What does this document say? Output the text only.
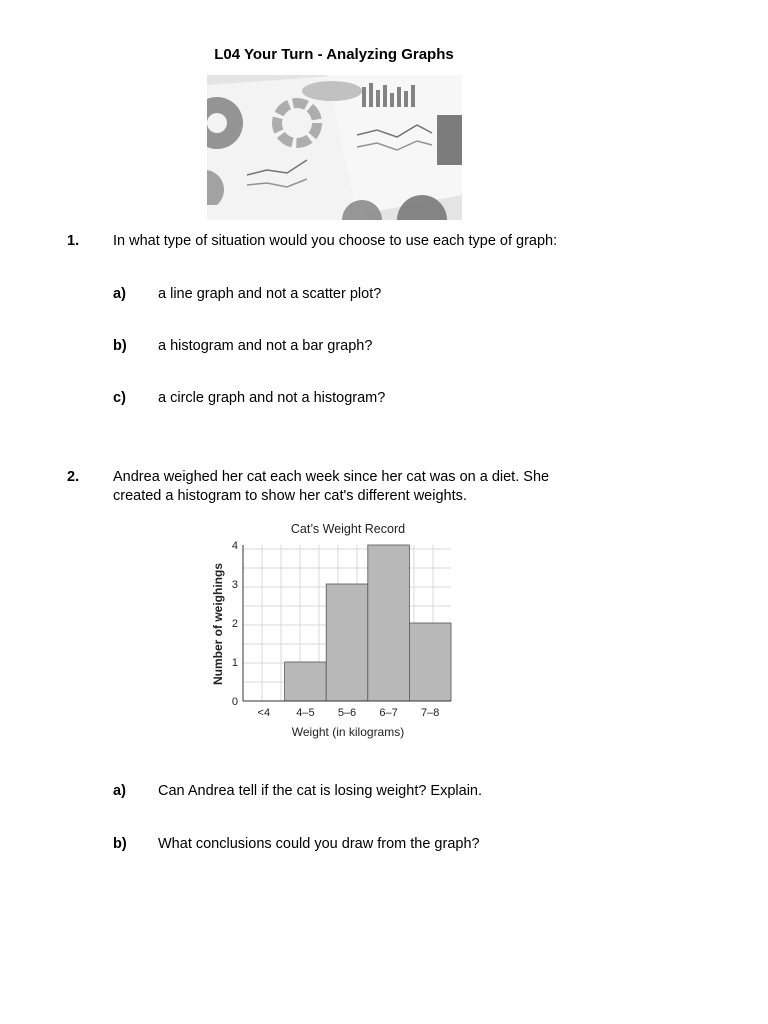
L04 Your Turn - Analyzing Graphs
1. In what type of situation would you choose to use each type of graph:
a) a line graph and not a scatter plot?
b) a histogram and not a bar graph?
c) a circle graph and not a histogram?
2. Andrea weighed her cat each week since her cat was on a diet. She
created a histogram to show her cat's different weights.
Cat’s Weight Record
Number of weighings
Weight (in kilograms)
0
1
2
3
4
<4 4–5 5–6 6–7 7–8
a) Can Andrea tell if the cat is losing weight? Explain.
b) What conclusions could you draw from the graph?
